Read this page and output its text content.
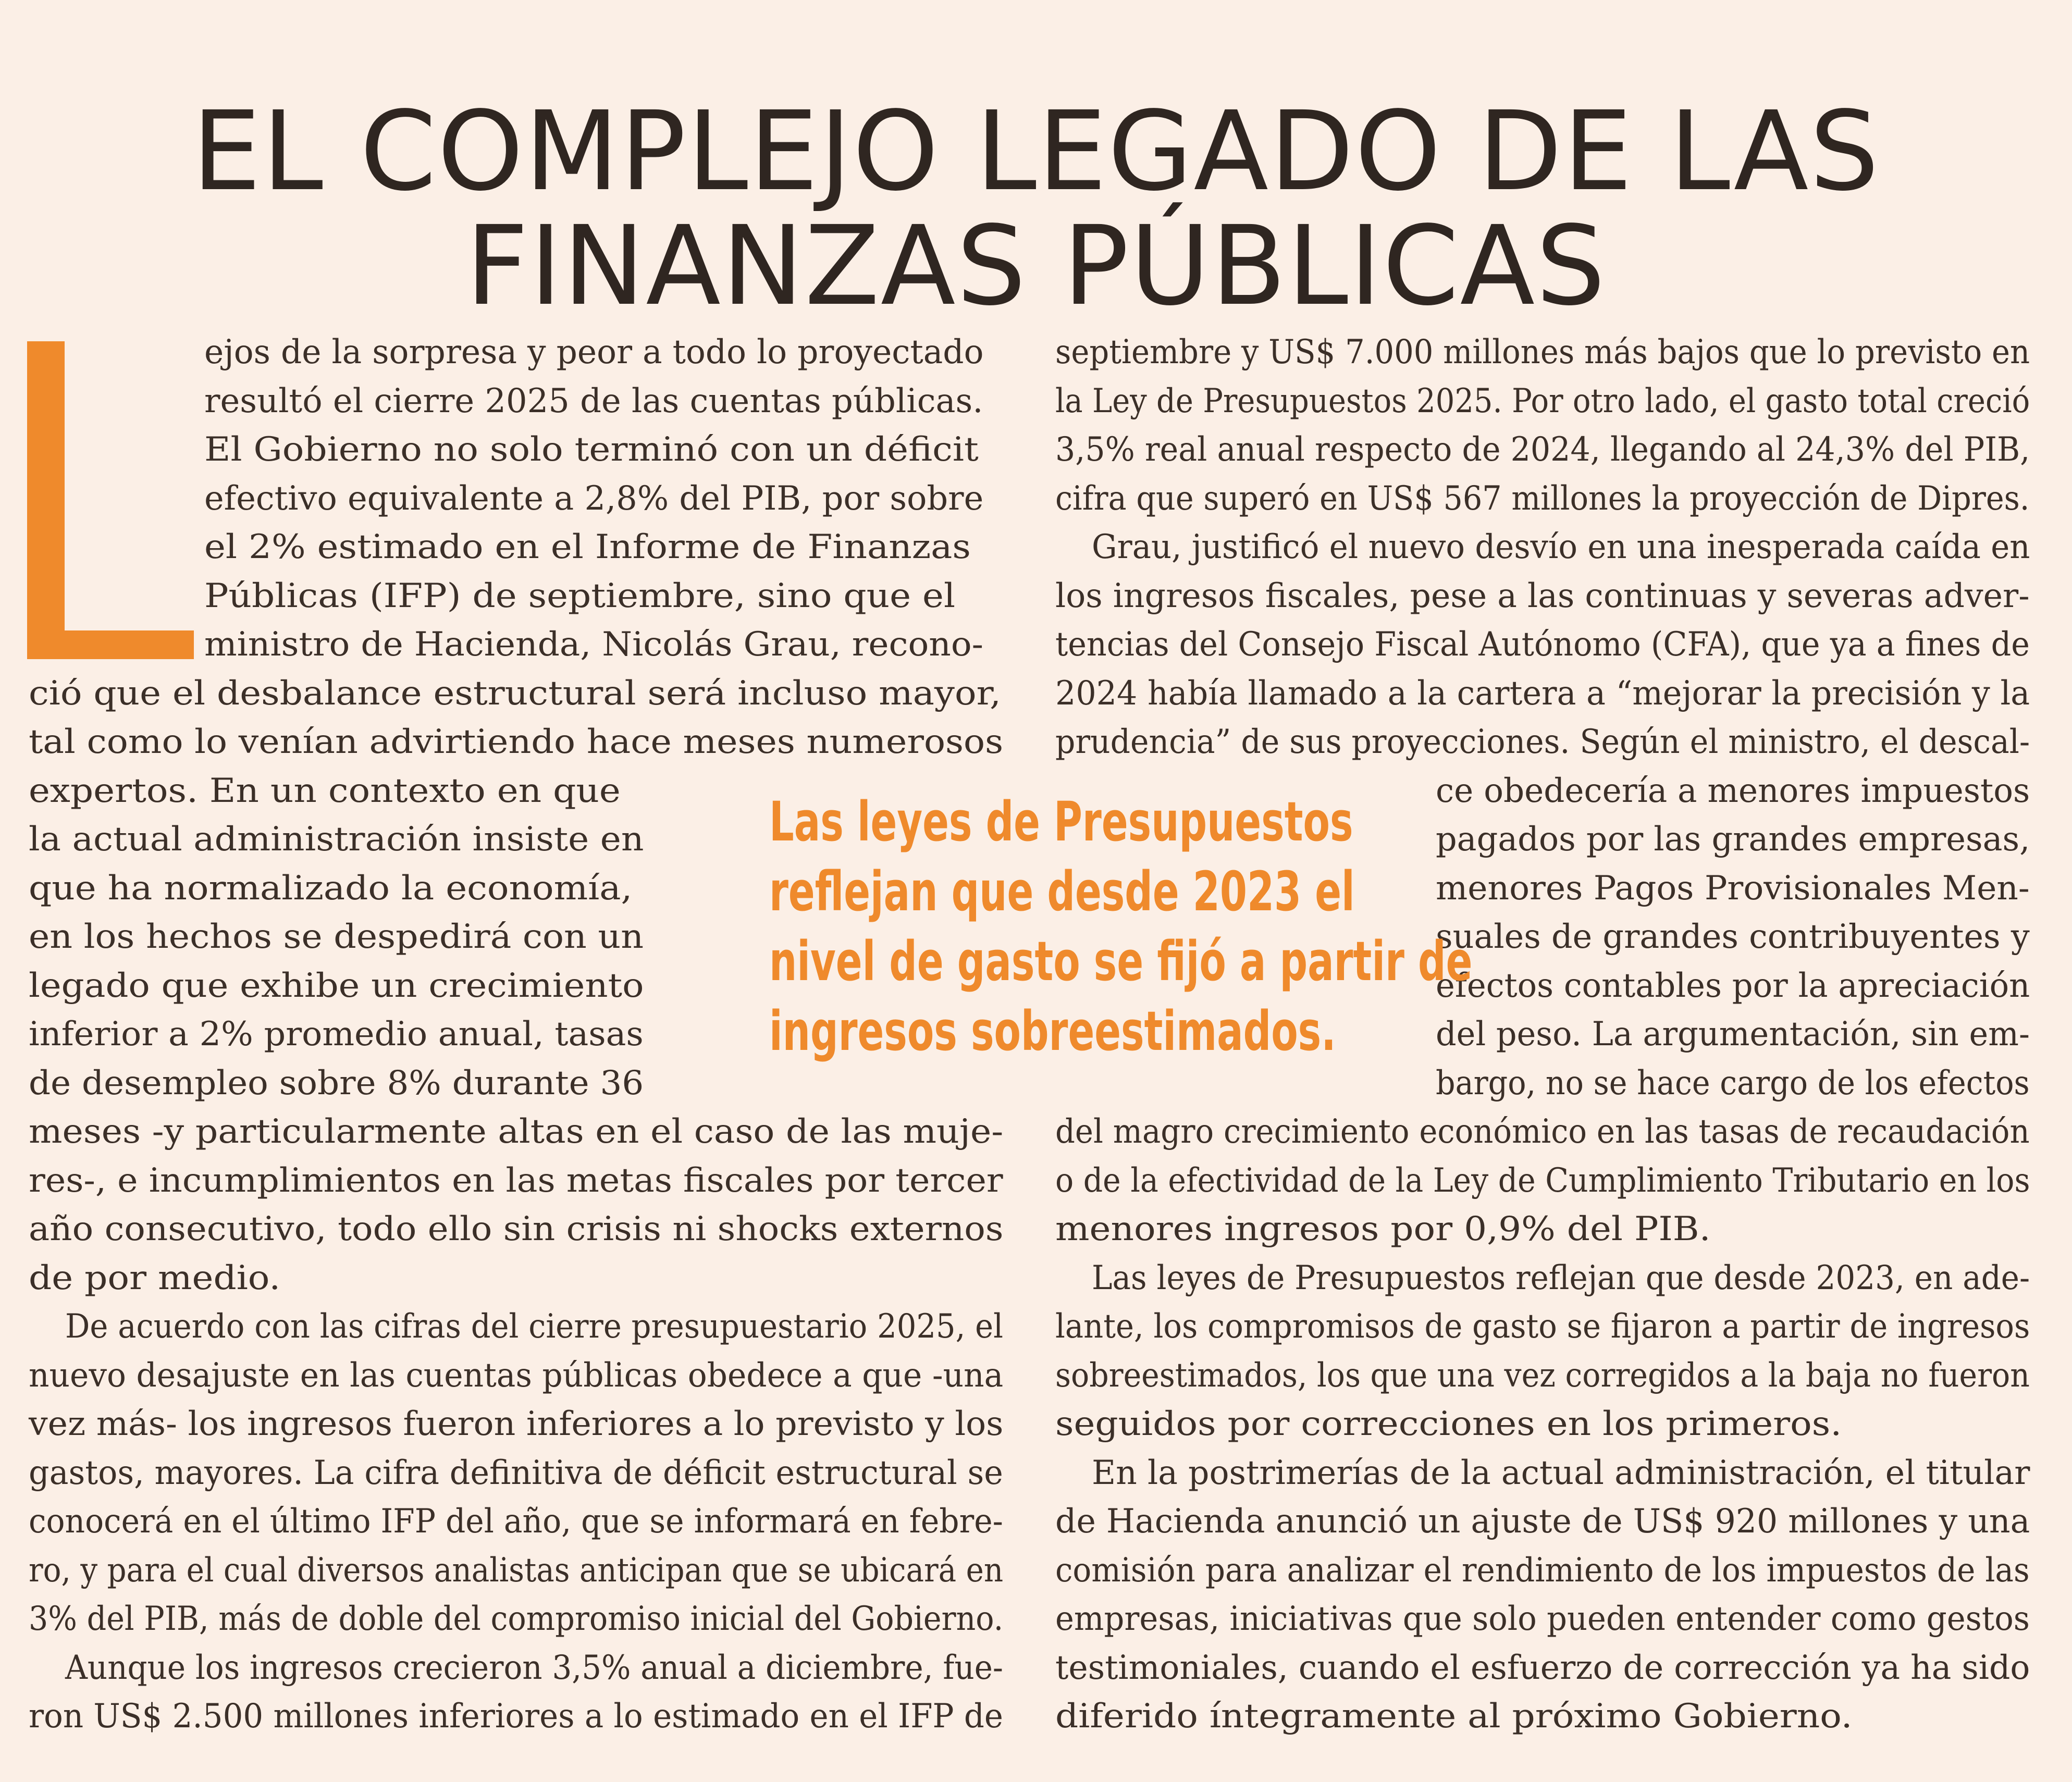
EL COMPLEJO LEGADO DE LAS
FINANZAS PÚBLICAS
ejos de la sorpresa y peor a todo lo proyectado
resultó el cierre 2025 de las cuentas públicas.
El Gobierno no solo terminó con un déficit
efectivo equivalente a 2,8% del PIB, por sobre
el 2% estimado en el Informe de Finanzas
Públicas (IFP) de septiembre, sino que el
ministro de Hacienda, Nicolás Grau, recono-
ció que el desbalance estructural será incluso mayor,
tal como lo venían advirtiendo hace meses numerosos
expertos. En un contexto en que
la actual administración insiste en
que ha normalizado la economía,
en los hechos se despedirá con un
legado que exhibe un crecimiento
inferior a 2% promedio anual, tasas
de desempleo sobre 8% durante 36
meses -y particularmente altas en el caso de las muje-
res-, e incumplimientos en las metas fiscales por tercer
año consecutivo, todo ello sin crisis ni shocks externos
de por medio.
De acuerdo con las cifras del cierre presupuestario 2025, el
nuevo desajuste en las cuentas públicas obedece a que -una
vez más- los ingresos fueron inferiores a lo previsto y los
gastos, mayores. La cifra definitiva de déficit estructural se
conocerá en el último IFP del año, que se informará en febre-
ro, y para el cual diversos analistas anticipan que se ubicará en
3% del PIB, más de doble del compromiso inicial del Gobierno.
Aunque los ingresos crecieron 3,5% anual a diciembre, fue-
ron US$ 2.500 millones inferiores a lo estimado en el IFP de
septiembre y US$ 7.000 millones más bajos que lo previsto en
la Ley de Presupuestos 2025. Por otro lado, el gasto total creció
3,5% real anual respecto de 2024, llegando al 24,3% del PIB,
cifra que superó en US$ 567 millones la proyección de Dipres.
Grau, justificó el nuevo desvío en una inesperada caída en
los ingresos fiscales, pese a las continuas y severas adver-
tencias del Consejo Fiscal Autónomo (CFA), que ya a fines de
2024 había llamado a la cartera a “mejorar la precisión y la
prudencia” de sus proyecciones. Según el ministro, el descal-
ce obedecería a menores impuestos
pagados por las grandes empresas,
menores Pagos Provisionales Men-
suales de grandes contribuyentes y
efectos contables por la apreciación
del peso. La argumentación, sin em-
bargo, no se hace cargo de los efectos
del magro crecimiento económico en las tasas de recaudación
o de la efectividad de la Ley de Cumplimiento Tributario en los
menores ingresos por 0,9% del PIB.
Las leyes de Presupuestos reflejan que desde 2023, en ade-
lante, los compromisos de gasto se fijaron a partir de ingresos
sobreestimados, los que una vez corregidos a la baja no fueron
seguidos por correcciones en los primeros.
En la postrimerías de la actual administración, el titular
de Hacienda anunció un ajuste de US$ 920 millones y una
comisión para analizar el rendimiento de los impuestos de las
empresas, iniciativas que solo pueden entender como gestos
testimoniales, cuando el esfuerzo de corrección ya ha sido
diferido íntegramente al próximo Gobierno.
Las leyes de Presupuestos
reflejan que desde 2023 el
nivel de gasto se fijó a partir de
ingresos sobreestimados.
